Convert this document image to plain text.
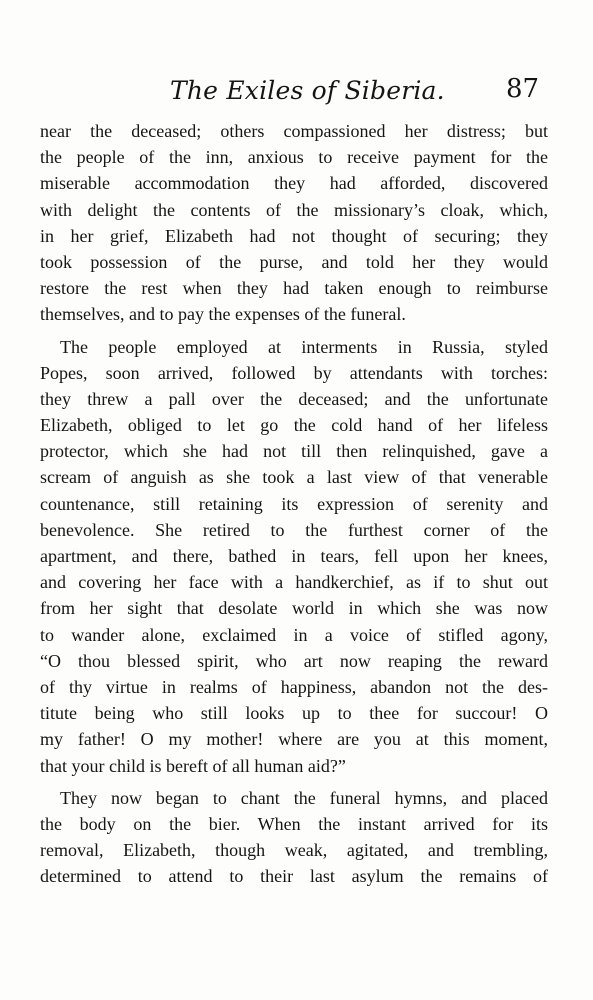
The Exiles of Siberia.	87
near the deceased; others compassioned her distress; but
the people of the inn, anxious to receive payment for the
miserable accommodation they had afforded, discovered
with delight the contents of the missionary’s cloak, which,
in her grief, Elizabeth had not thought of securing; they
took possession of the purse, and told her they would
restore the rest when they had taken enough to reimburse
themselves, and to pay the expenses of the funeral.
The people employed at interments in Russia, styled
Popes, soon arrived, followed by attendants with torches:
they threw a pall over the deceased; and the unfortunate
Elizabeth, obliged to let go the cold hand of her lifeless
protector, which she had not till then relinquished, gave a
scream of anguish as she took a last view of that venerable
countenance, still retaining its expression of serenity and
benevolence. She retired to the furthest corner of the
apartment, and there, bathed in tears, fell upon her knees,
and covering her face with a handkerchief, as if to shut out
from her sight that desolate world in which she was now
to wander alone, exclaimed in a voice of stifled agony,
“O thou blessed spirit, who art now reaping the reward
of thy virtue in realms of happiness, abandon not the des-
titute being who still looks up to thee for succour! O
my father! O my mother! where are you at this moment,
that your child is bereft of all human aid?”
They now began to chant the funeral hymns, and placed
the body on the bier. When the instant arrived for its
removal, Elizabeth, though weak, agitated, and trembling,
determined to attend to their last asylum the remains of
